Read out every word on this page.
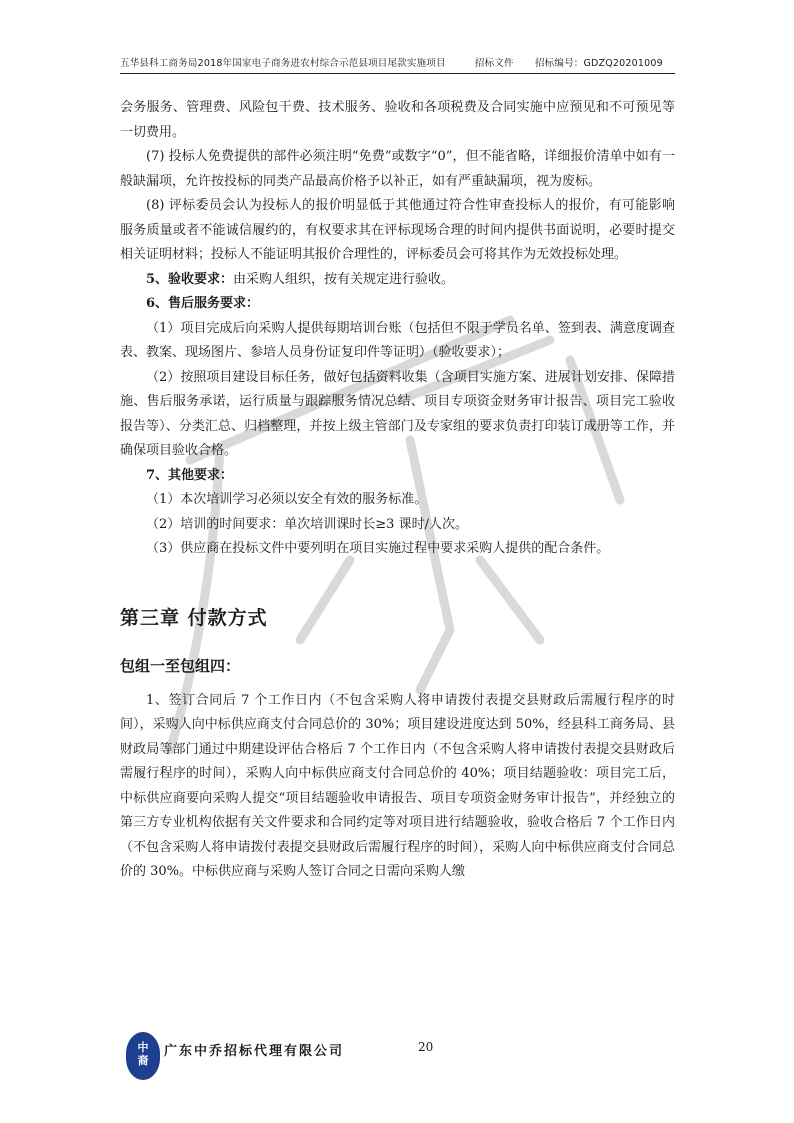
五华县科工商务局2018年国家电子商务进农村综合示范县项目尾款实施项目	招标文件 招标编号：GDZQ20201009

会务服务、管理费、风险包干费、技术服务、验收和各项税费及合同实施中应预见和不可预见等一切费用。

(7) 投标人免费提供的部件必须注明“免费”或数字“0”，但不能省略，详细报价清单中如有一般缺漏项，允许按投标的同类产品最高价格予以补正，如有严重缺漏项，视为废标。

(8) 评标委员会认为投标人的报价明显低于其他通过符合性审查投标人的报价，有可能影响服务质量或者不能诚信履约的，有权要求其在评标现场合理的时间内提供书面说明，必要时提交相关证明材料；投标人不能证明其报价合理性的，评标委员会可将其作为无效投标处理。

5、验收要求：由采购人组织，按有关规定进行验收。

6、售后服务要求：

（1）项目完成后向采购人提供每期培训台账（包括但不限于学员名单、签到表、满意度调查表、教案、现场图片、参培人员身份证复印件等证明）（验收要求）；

（2）按照项目建设目标任务，做好包括资料收集（含项目实施方案、进展计划安排、保障措施、售后服务承诺，运行质量与跟踪服务情况总结、项目专项资金财务审计报告、项目完工验收报告等）、分类汇总、归档整理，并按上级主管部门及专家组的要求负责打印装订成册等工作，并确保项目验收合格。

7、其他要求：

（1）本次培训学习必须以安全有效的服务标准。

（2）培训的时间要求：单次培训课时长≥3 课时/人次。

（3）供应商在投标文件中要列明在项目实施过程中要求采购人提供的配合条件。

第三章 付款方式

包组一至包组四：

1、签订合同后 7 个工作日内（不包含采购人将申请拨付表提交县财政后需履行程序的时间），采购人向中标供应商支付合同总价的 30%；项目建设进度达到 50%，经县科工商务局、县财政局等部门通过中期建设评估合格后 7 个工作日内（不包含采购人将申请拨付表提交县财政后需履行程序的时间），采购人向中标供应商支付合同总价的 40%；项目结题验收：项目完工后，中标供应商要向采购人提交“项目结题验收申请报告、项目专项资金财务审计报告”，并经独立的第三方专业机构依据有关文件要求和合同约定等对项目进行结题验收，验收合格后 7 个工作日内（不包含采购人将申请拨付表提交县财政后需履行程序的时间），采购人向中标供应商支付合同总价的 30%。中标供应商与采购人签订合同之日需向采购人缴

中
裔
广东中乔招标代理有限公司	20
